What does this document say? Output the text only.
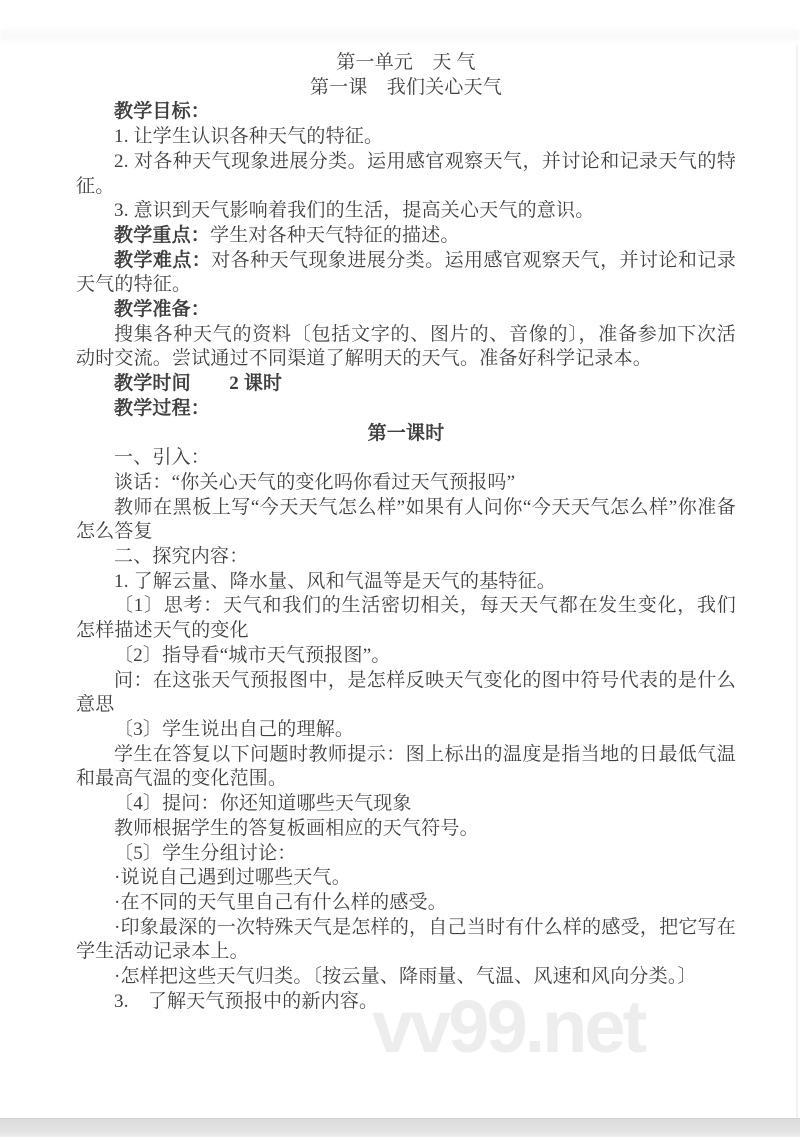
vv99.net

第一单元　天 气

第一课　我们关心天气

教学目标：

1. 让学生认识各种天气的特征。

2. 对各种天气现象进展分类。运用感官观察天气，并讨论和记录天气的特征。

3. 意识到天气影响着我们的生活，提高关心天气的意识。

教学重点：学生对各种天气特征的描述。

教学难点：对各种天气现象进展分类。运用感官观察天气，并讨论和记录天气的特征。

教学准备：

搜集各种天气的资料〔包括文字的、图片的、音像的〕，准备参加下次活动时交流。尝试通过不同渠道了解明天的天气。准备好科学记录本。

教学时间　　2 课时

教学过程：

第一课时

一、引入：

谈话：“你关心天气的变化吗你看过天气预报吗”

教师在黑板上写“今天天气怎么样”如果有人问你“今天天气怎么样”你准备怎么答复

二、探究内容：

1. 了解云量、降水量、风和气温等是天气的基特征。

〔1〕思考：天气和我们的生活密切相关，每天天气都在发生变化，我们怎样描述天气的变化

〔2〕指导看“城市天气预报图”。

问：在这张天气预报图中，是怎样反映天气变化的图中符号代表的是什么意思

〔3〕学生说出自己的理解。

学生在答复以下问题时教师提示：图上标出的温度是指当地的日最低气温和最高气温的变化范围。

〔4〕提问：你还知道哪些天气现象

教师根据学生的答复板画相应的天气符号。

〔5〕学生分组讨论：

·说说自己遇到过哪些天气。

·在不同的天气里自己有什么样的感受。

·印象最深的一次特殊天气是怎样的，自己当时有什么样的感受，把它写在学生活动记录本上。

·怎样把这些天气归类。〔按云量、降雨量、气温、风速和风向分类。〕

3.　了解天气预报中的新内容。
